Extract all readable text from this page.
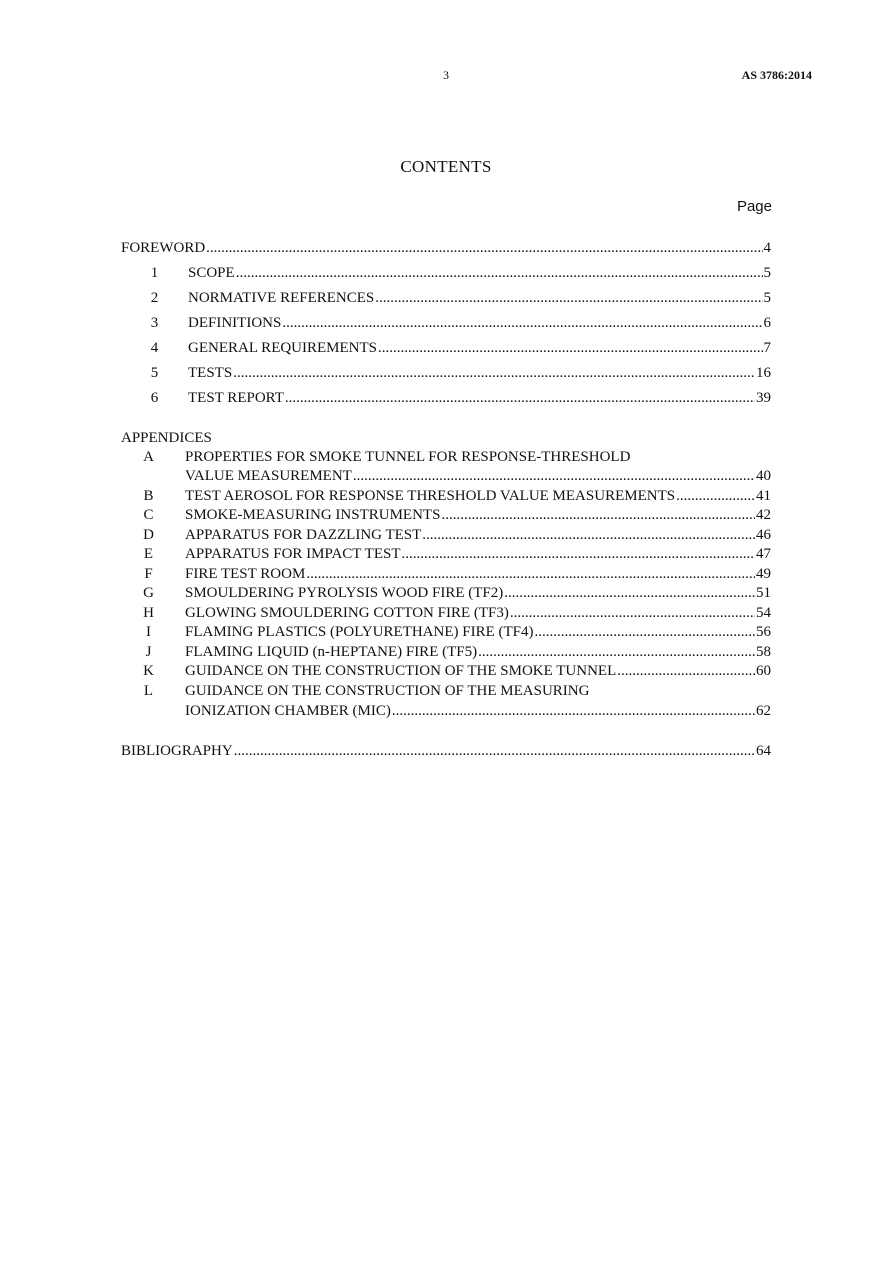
3	AS 3786:2014
CONTENTS
Page
FOREWORD .....	4
1	SCOPE .....	5
2	NORMATIVE REFERENCES .....	5
3	DEFINITIONS .....	6
4	GENERAL REQUIREMENTS .....	7
5	TESTS .....	16
6	TEST REPORT .....	39
APPENDICES
A PROPERTIES FOR SMOKE TUNNEL FOR RESPONSE-THRESHOLD
VALUE MEASUREMENT .....	40
B	TEST AEROSOL FOR RESPONSE THRESHOLD VALUE MEASUREMENTS .....	41
C	SMOKE-MEASURING INSTRUMENTS .....	42
D	APPARATUS FOR DAZZLING TEST .....	46
E	APPARATUS FOR IMPACT TEST .....	47
F	FIRE TEST ROOM .....	49
G	SMOULDERING PYROLYSIS WOOD FIRE (TF2) .....	51
H	GLOWING SMOULDERING COTTON FIRE (TF3) .....	54
I	FLAMING PLASTICS (POLYURETHANE) FIRE (TF4) .....	56
J	FLAMING LIQUID (n-HEPTANE) FIRE (TF5) .....	58
K	GUIDANCE ON THE CONSTRUCTION OF THE SMOKE TUNNEL .....	60
L GUIDANCE ON THE CONSTRUCTION OF THE MEASURING
IONIZATION CHAMBER (MIC) .....	62
BIBLIOGRAPHY .....	64
